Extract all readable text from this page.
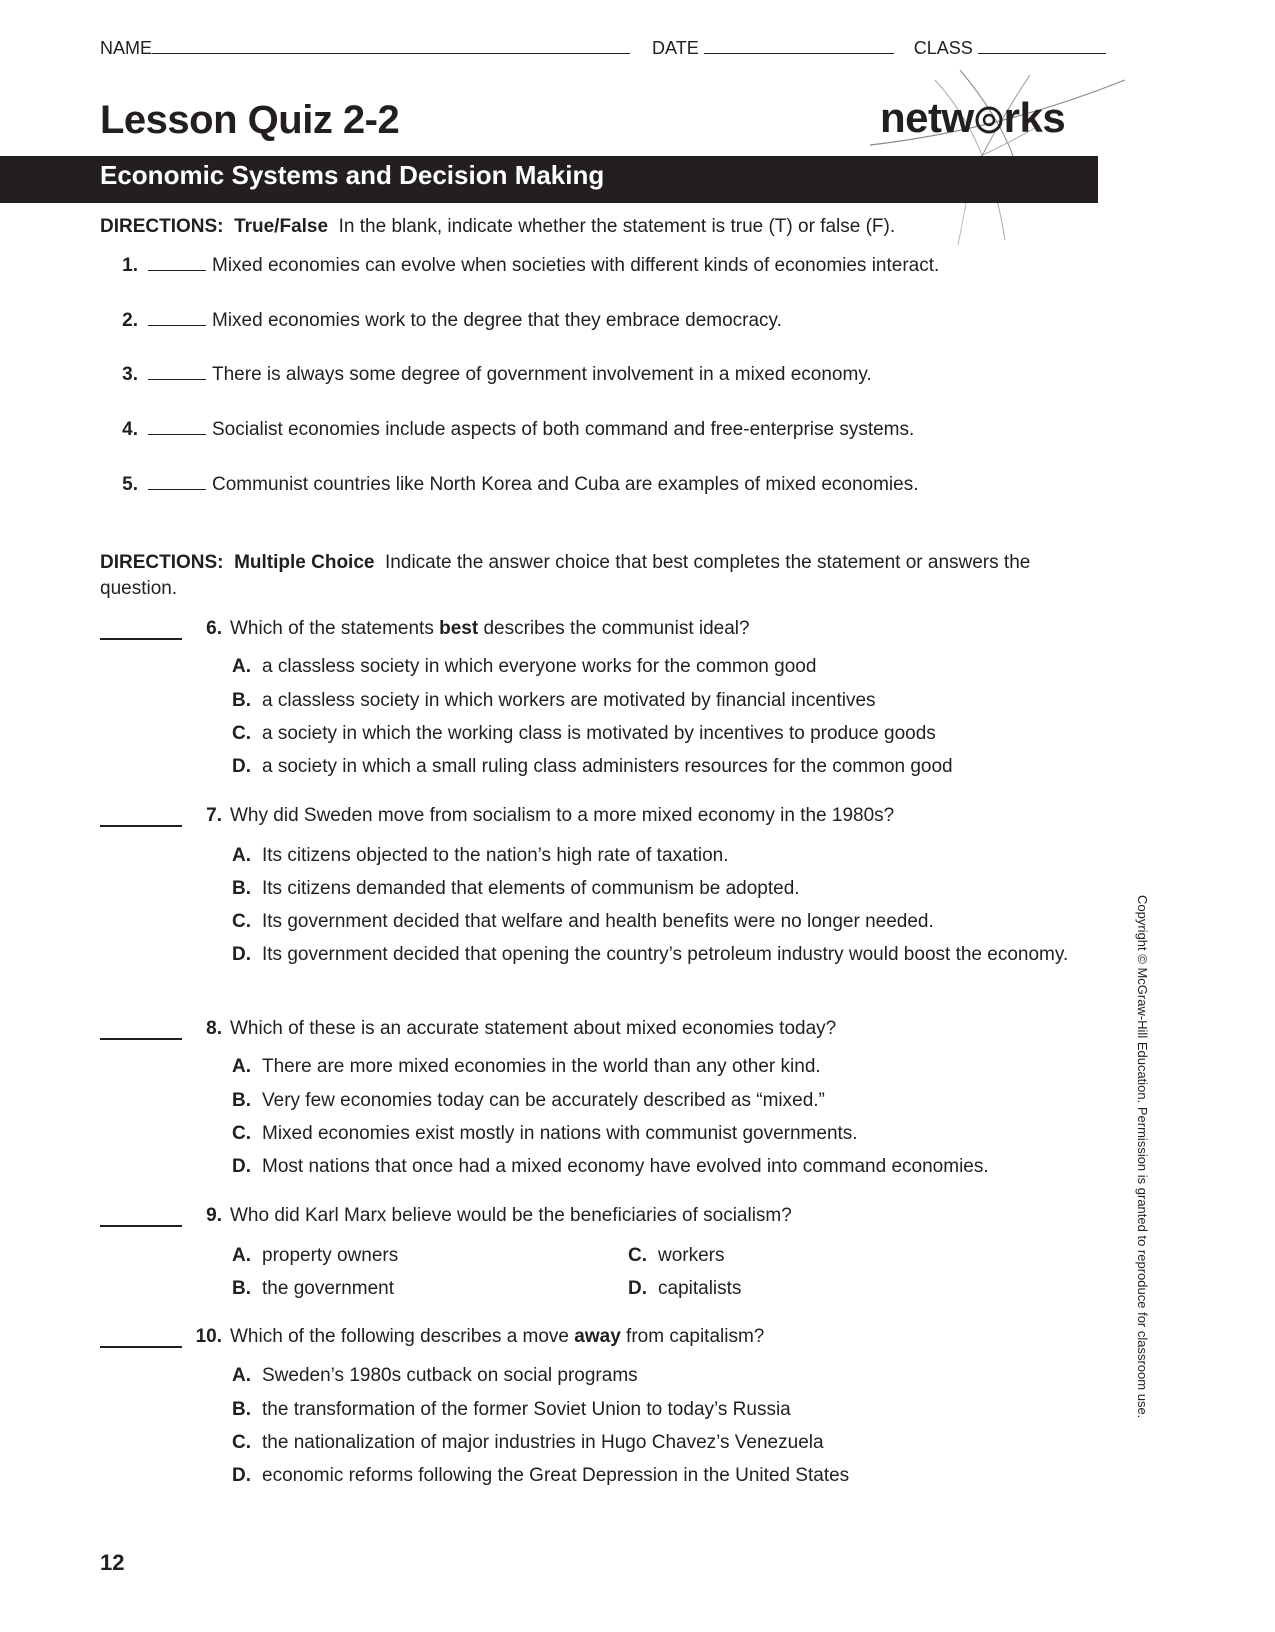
NAME	DATE	CLASS
Lesson Quiz 2-2	netw rks
Economic Systems and Decision Making
DIRECTIONS: True/False In the blank, indicate whether the statement is true (T) or false (F).
1.	Mixed economies can evolve when societies with different kinds of economies interact.
2.	Mixed economies work to the degree that they embrace democracy.
3.	There is always some degree of government involvement in a mixed economy.
4.	Socialist economies include aspects of both command and free-enterprise systems.
5.	Communist countries like North Korea and Cuba are examples of mixed economies.
DIRECTIONS: Multiple Choice Indicate the answer choice that best completes the statement or answers the question.
6. Which of the statements best describes the communist ideal?
A. a classless society in which everyone works for the common good
B. a classless society in which workers are motivated by financial incentives
C. a society in which the working class is motivated by incentives to produce goods
D. a society in which a small ruling class administers resources for the common good
7. Why did Sweden move from socialism to a more mixed economy in the 1980s?
A. Its citizens objected to the nation’s high rate of taxation.
B. Its citizens demanded that elements of communism be adopted.
C. Its government decided that welfare and health benefits were no longer needed.
D. Its government decided that opening the country’s petroleum industry would boost the economy.
8. Which of these is an accurate statement about mixed economies today?
A. There are more mixed economies in the world than any other kind.
B. Very few economies today can be accurately described as “mixed.”
C. Mixed economies exist mostly in nations with communist governments.
D. Most nations that once had a mixed economy have evolved into command economies.
9. Who did Karl Marx believe would be the beneficiaries of socialism?
A. property owners
B. the government
C. workers
D. capitalists
10. Which of the following describes a move away from capitalism?
A. Sweden’s 1980s cutback on social programs
B. the transformation of the former Soviet Union to today’s Russia
C. the nationalization of major industries in Hugo Chavez’s Venezuela
D. economic reforms following the Great Depression in the United States
12
Copyright © McGraw-Hill Education. Permission is granted to reproduce for classroom use.
